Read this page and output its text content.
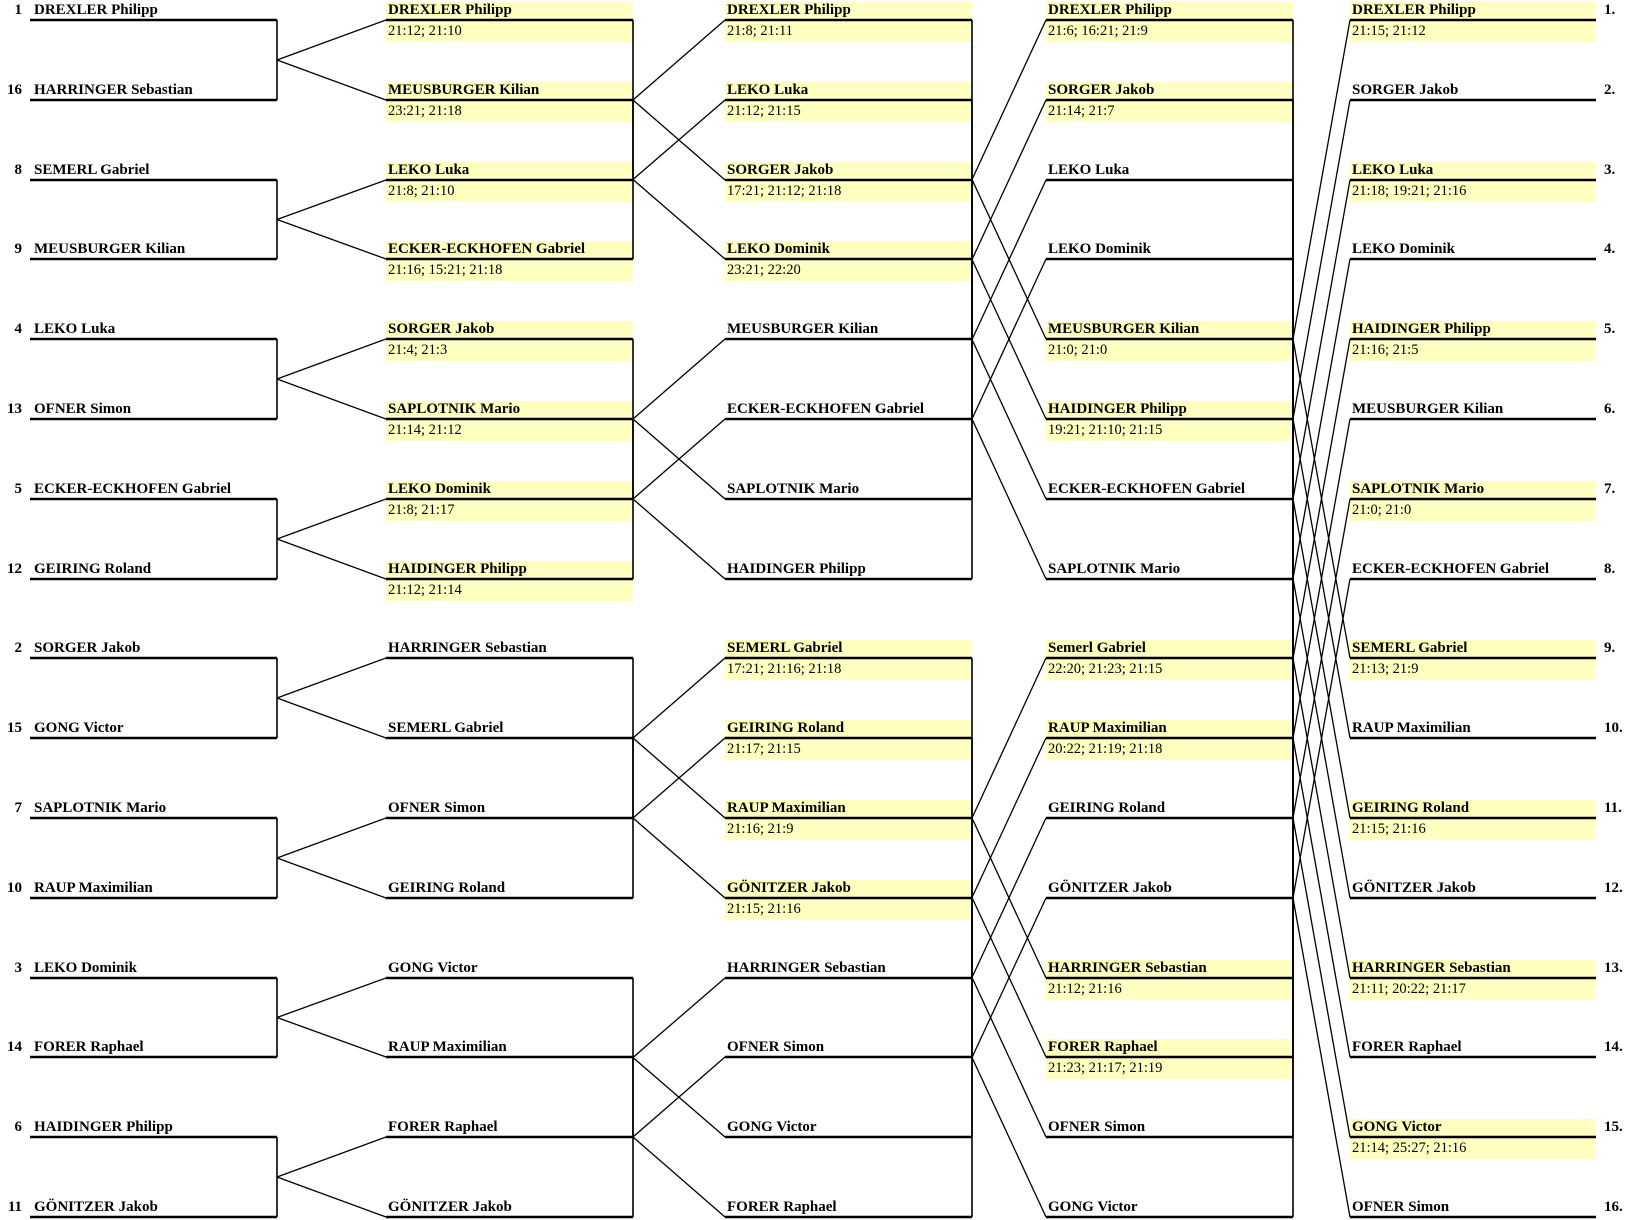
DREXLER Philipp
1
HARRINGER Sebastian
16
SEMERL Gabriel
8
MEUSBURGER Kilian
9
LEKO Luka
4
OFNER Simon
13
ECKER-ECKHOFEN Gabriel
5
GEIRING Roland
12
SORGER Jakob
2
GONG Victor
15
SAPLOTNIK Mario
7
RAUP Maximilian
10
LEKO Dominik
3
FORER Raphael
14
HAIDINGER Philipp
6
GÖNITZER Jakob
11
DREXLER Philipp
21:12; 21:10
MEUSBURGER Kilian
23:21; 21:18
LEKO Luka
21:8; 21:10
ECKER-ECKHOFEN Gabriel
21:16; 15:21; 21:18
SORGER Jakob
21:4; 21:3
SAPLOTNIK Mario
21:14; 21:12
LEKO Dominik
21:8; 21:17
HAIDINGER Philipp
21:12; 21:14
HARRINGER Sebastian
SEMERL Gabriel
OFNER Simon
GEIRING Roland
GONG Victor
RAUP Maximilian
FORER Raphael
GÖNITZER Jakob
DREXLER Philipp
21:8; 21:11
LEKO Luka
21:12; 21:15
SORGER Jakob
17:21; 21:12; 21:18
LEKO Dominik
23:21; 22:20
MEUSBURGER Kilian
ECKER-ECKHOFEN Gabriel
SAPLOTNIK Mario
HAIDINGER Philipp
SEMERL Gabriel
17:21; 21:16; 21:18
GEIRING Roland
21:17; 21:15
RAUP Maximilian
21:16; 21:9
GÖNITZER Jakob
21:15; 21:16
HARRINGER Sebastian
OFNER Simon
GONG Victor
FORER Raphael
DREXLER Philipp
21:6; 16:21; 21:9
SORGER Jakob
21:14; 21:7
LEKO Luka
LEKO Dominik
MEUSBURGER Kilian
21:0; 21:0
HAIDINGER Philipp
19:21; 21:10; 21:15
ECKER-ECKHOFEN Gabriel
SAPLOTNIK Mario
Semerl Gabriel
22:20; 21:23; 21:15
RAUP Maximilian
20:22; 21:19; 21:18
GEIRING Roland
GÖNITZER Jakob
HARRINGER Sebastian
21:12; 21:16
FORER Raphael
21:23; 21:17; 21:19
OFNER Simon
GONG Victor
DREXLER Philipp
21:15; 21:12
1.
SORGER Jakob	2.
LEKO Luka
21:18; 19:21; 21:16
3.
LEKO Dominik	4.
HAIDINGER Philipp
21:16; 21:5
5.
MEUSBURGER Kilian	6.
SAPLOTNIK Mario
21:0; 21:0
7.
ECKER-ECKHOFEN Gabriel	8.
SEMERL Gabriel
21:13; 21:9
9.
RAUP Maximilian	10.
GEIRING Roland
21:15; 21:16
11.
GÖNITZER Jakob	12.
HARRINGER Sebastian
21:11; 20:22; 21:17
13.
FORER Raphael	14.
GONG Victor
21:14; 25:27; 21:16
15.
OFNER Simon	16.
